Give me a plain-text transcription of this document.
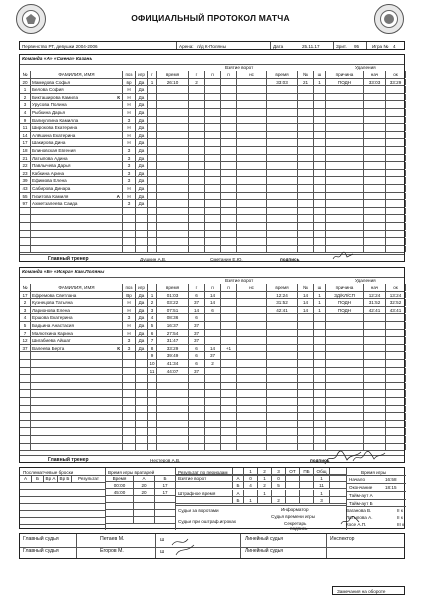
ОФИЦИАЛЬНЫЙ ПРОТОКОЛ МАТЧА
Первенство РТ, девушки 2004-2006	Арена: л/д К-Поляны	Дата	25.11.17	Зрит. 95	Игра № 4
Команда «А» «Смена» Казань
Взятие ворот	Удаления
№	ФАМИЛИЯ, ИМЯ	поз	игр	г	время	г	п	п	нс	время	№	ш	причина	нач	ок
20 Мамедова Софья	вр	Да	1	26:10	2	33:03	21	1	ПОДН	33:03	33:29
1	Белова София	Н	Да
2	Бикташирова Камила	К	Н	Да
3	Урусова Полина	Н	Да
4	Рыбкина Дарья	Н	Да
9	Валиуллина Камилла	З	Да
11	Широкова Екатерина	Н	Да
14 Алёшина Екатерина	Н	Да
17 Шакирова Дина	Н	Да
18 Блиновская Евгения	З	Да
21 Латыпова Адина	З	Да
22 Павлычева Дарья	З	Да
23 Кабкина Арина	З	Да
39 Ефимова Елена	З	Да
43 Сабирова Динара	Н	Да
55 Гизитова Камиля	А	Н	Да
97 Ахметзалеева Саида	З	Да
Главный тренер	Душкин А.В.	Сметанин Е.Ю.	подпись
Команда «Б» «Искра» Кам.Поляны
Взятие ворот	Удаления
№	ФАМИЛИЯ, ИМЯ	поз	игр	время	г	п	п	нс	время	№	ш	причина	нач	ок
17 Ефремова Светлана	Вр	Да	1	01:03	6	14	12:24	14	1	ЗД/КЛ/СП	12:24	13:24
2	Кузнецова Татьяна	Н	Да	2	03:22	37	14	31:52	14	1	ПОДН	31:52	32:52
3	Ларионова Елена	Н	Да	3	07:51	14	6	42:41	14	1	ПОДН	42:41	43:41
4	Ершова Екатерина	З	Да	4	08:36	6
5	Бадьина Анастасия	Н	Да	5	16:37	37
7	Малюткина Карина	Н	Да	6	27:54	37
12 Шигабиева Айшат	З	Да	7	31:47	37
37 Валеева Берта	К	З	Да	8	33:29	6	14	+1
9	39:49	6	37
10	41:34	6	2
11	44:07	37
Главный тренер	Нестеров А.В.	подпись
Послематчевые броски
А	Б	Вр А Вр Б	Результат
Время игры вратарей
Время	А	Б
00:00	20	17
45:00	20	17
Результат по периодам	1	2	3	ОТ	ПБ	Общ
Взятие ворот	А	0	1	0	1
Б	4	2	5	11
Штрафное время	А	1	1
Б	1	2	3
Судьи за воротами
Судьи при оштраф.игроках
Информатор
Судья времени игры
Секретарь
подпись
Время игры
Начало	16:58
Окончание	18:15
Тайм-аут А
Тайм-аут Б
Ваганова В.	II к
Латыпова А.	II к
Косе А.П.	III к
Главный судья	Петаев М.
Главный судья	Егоров М.
Ш
Ш
Линейный судья
Линейный судья
Инспектор
Замечания на обороте
